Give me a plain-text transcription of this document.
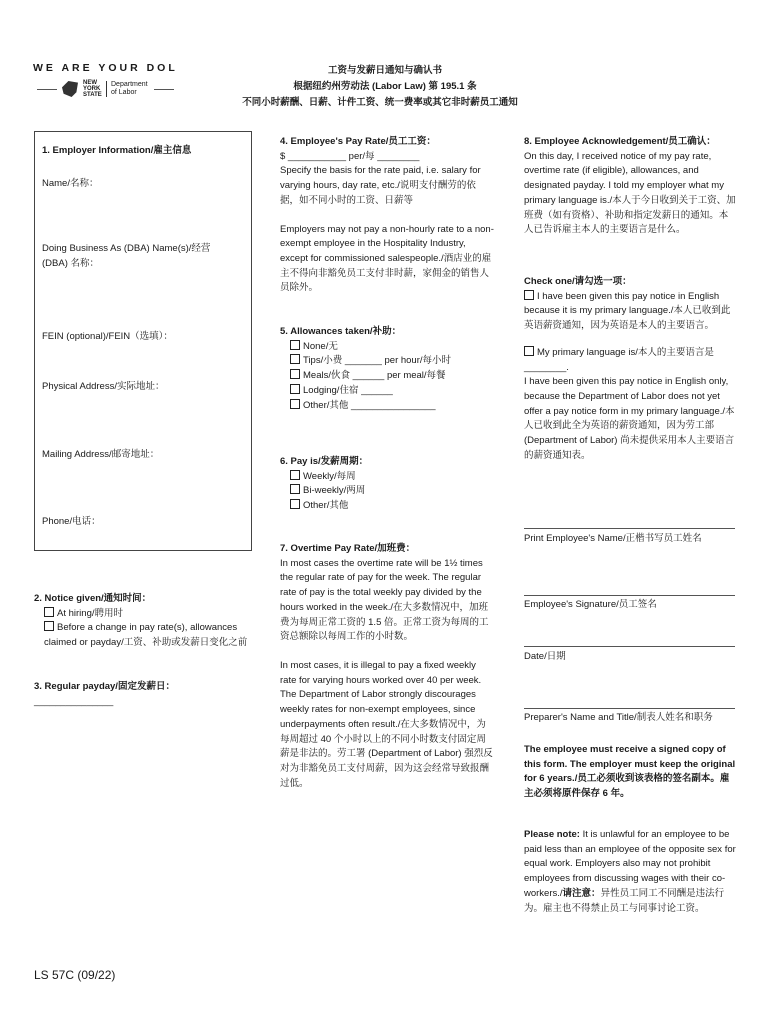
WE ARE YOUR DOL
NEW YORK STATE
Department of Labor
工资与发薪日通知与确认书
根据纽约州劳动法 (Labor Law) 第 195.1 条
不同小时薪酬、日薪、计件工资、统一费率或其它非时薪员工通知
1. Employer Information/雇主信息
Name/名称：
Doing Business As (DBA) Name(s)/经营 (DBA) 名称：
FEIN (optional)/FEIN（选填）：
Physical Address/实际地址：
Mailing Address/邮寄地址：
Phone/电话：
2. Notice given/通知时间：
At hiring/聘用时
Before a change in pay rate(s), allowances claimed or payday/工资、补助或发薪日变化之前
3. Regular payday/固定发薪日：
_______________
4. Employee's Pay Rate/员工工资：
$ ___________ per/每 ________
Specify the basis for the rate paid, i.e. salary for varying hours, day rate, etc./说明支付酬劳的依据，如不同小时的工资、日薪等
Employers may not pay a non-hourly rate to a non-exempt employee in the Hospitality Industry, except for commissioned salespeople./酒店业的雇主不得向非豁免员工支付非时薪，家佣金的销售人员除外。
5. Allowances taken/补助：
None/无
Tips/小费 _______ per hour/每小时
Meals/伙食 ______ per meal/每餐
Lodging/住宿 ______
Other/其他 ________________
6. Pay is/发薪周期：
Weekly/每周
Bi-weekly/两周
Other/其他
7. Overtime Pay Rate/加班费：
In most cases the overtime rate will be 1½ times the regular rate of pay for the week. The regular rate of pay is the total weekly pay divided by the hours worked in the week./在大多数情况中，加班费为每周正常工资的 1.5 倍。正常工资为每周的工资总额除以每周工作的小时数。
In most cases, it is illegal to pay a fixed weekly rate for varying hours worked over 40 per week. The Department of Labor strongly discourages weekly rates for non-exempt employees, since underpayments often result./在大多数情况中，为每周超过 40 个小时以上的不同小时数支付固定周薪是非法的。劳工署 (Department of Labor) 强烈反对为非豁免员工支付周薪，因为这会经常导致报酬过低。
8. Employee Acknowledgement/员工确认：
On this day, I received notice of my pay rate, overtime rate (if eligible), allowances, and designated payday. I told my employer what my primary language is./本人于今日收到关于工资、加班费（如有资格）、补助和指定发薪日的通知。本人已告诉雇主本人的主要语言是什么。
Check one/请勾选一项：
I have been given this pay notice in English because it is my primary language./本人已收到此英语薪资通知，因为英语是本人的主要语言。
My primary language is/本人的主要语言是 ________.
I have been given this pay notice in English only, because the Department of Labor does not yet offer a pay notice form in my primary language./本人已收到此全为英语的薪资通知，因为劳工部 (Department of Labor) 尚未提供采用本人主要语言的薪资通知表。
Print Employee's Name/正楷书写员工姓名
Employee's Signature/员工签名
Date/日期
Preparer's Name and Title/制表人姓名和职务
The employee must receive a signed copy of this form. The employer must keep the original for 6 years./员工必须收到该表格的签名副本。雇主必须将原件保存 6 年。
Please note: It is unlawful for an employee to be paid less than an employee of the opposite sex for equal work. Employers also may not prohibit employees from discussing wages with their co-workers./请注意：异性员工同工不同酬是违法行为。雇主也不得禁止员工与同事讨论工资。
LS 57C (09/22)
